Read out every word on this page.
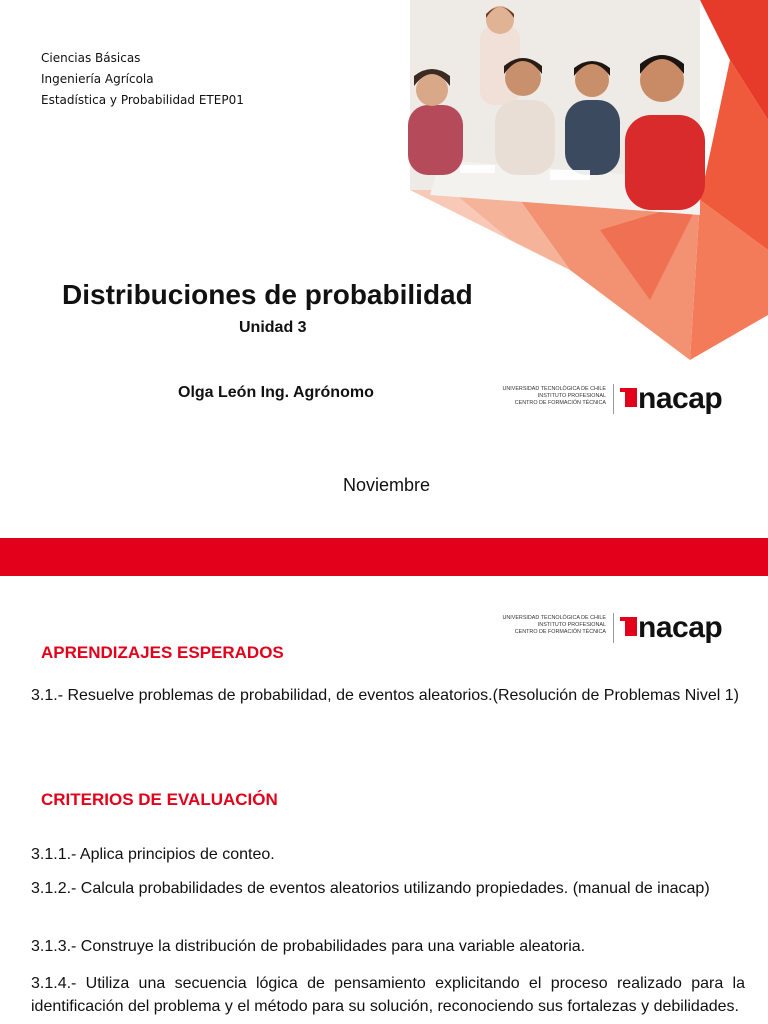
Ciencias Básicas
Ingeniería Agrícola
Estadística y Probabilidad ETEP01
Distribuciones de probabilidad
Unidad 3
Olga León Ing. Agrónomo	UNIVERSIDAD TECNOLÓGICA DE CHILE
INSTITUTO PROFESIONAL
CENTRO DE FORMACIÓN TÉCNICA nacap
Noviembre
APRENDIZAJES ESPERADOS
3.1.- Resuelve problemas de probabilidad, de eventos aleatorios.(Resolución de Problemas Nivel 1)
CRITERIOS DE EVALUACIÓN
3.1.1.- Aplica principios de conteo.
3.1.2.- Calcula probabilidades de eventos aleatorios utilizando propiedades. (manual de inacap)
3.1.3.- Construye la distribución de probabilidades para una variable aleatoria.
3.1.4.- Utiliza una secuencia lógica de pensamiento explicitando el proceso realizado para la identificación del problema y el método para su solución, reconociendo sus fortalezas y debilidades.
UNIVERSIDAD TECNOLÓGICA DE CHILE
INSTITUTO PROFESIONAL
CENTRO DE FORMACIÓN TÉCNICA nacap
